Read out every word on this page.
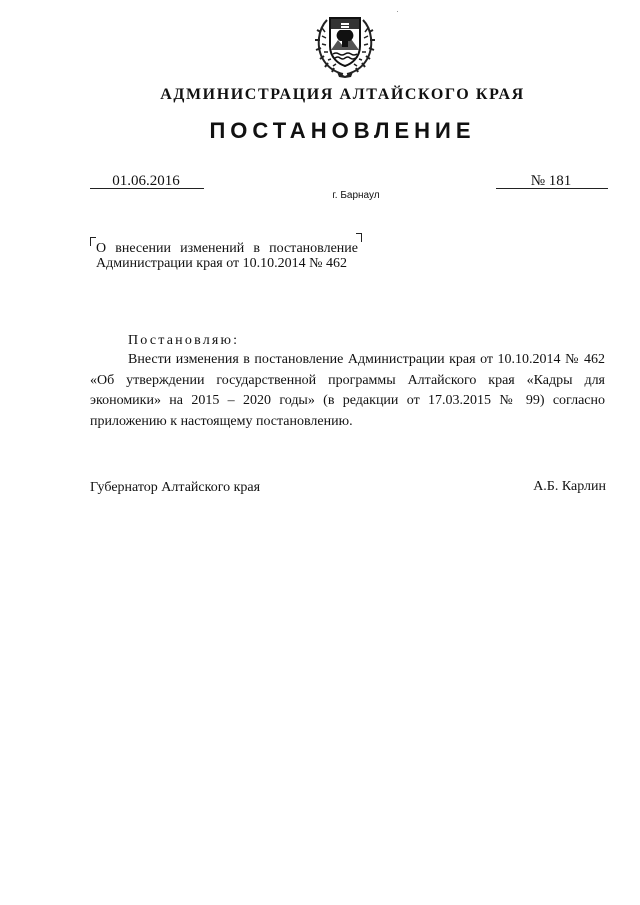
АДМИНИСТРАЦИЯ АЛТАЙСКОГО КРАЯ
ПОСТАНОВЛЕНИЕ
01.06.2016	№ 181
г. Барнаул
О внесении изменений в постановление Администрации края от 10.10.2014 № 462
Постановляю:
Внести изменения в постановление Администрации края от 10.10.2014 № 462 «Об утверждении государственной программы Алтайского края «Кадры для экономики» на 2015 – 2020 годы» (в редакции от 17.03.2015 № 99) согласно приложению к настоящему постановлению.
Губернатор Алтайского края	А.Б. Карлин
